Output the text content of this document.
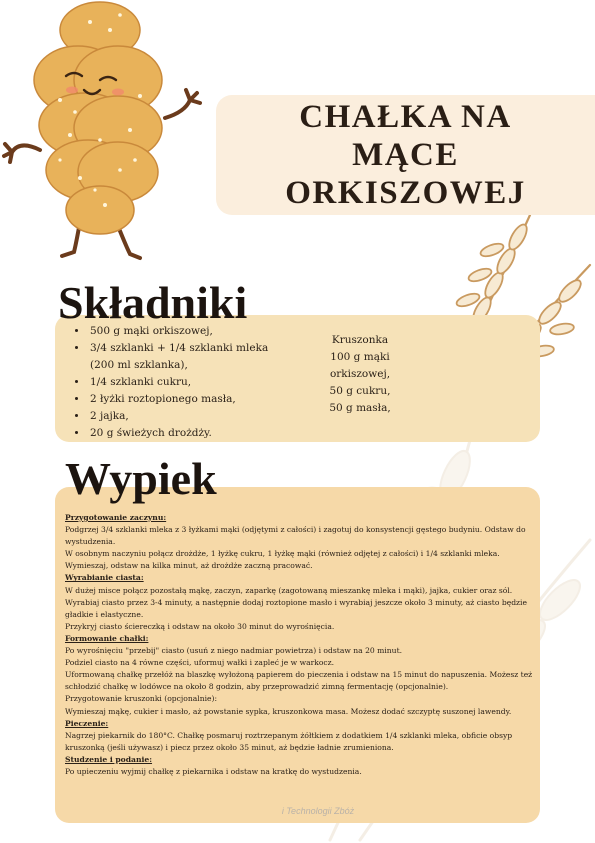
CHAŁKA NA MĄCE ORKISZOWEJ
Składniki
• 500 g mąki orkiszowej,
• 3/4 szklanki + 1/4 szklanki mleka (200 ml szklanka),
• 1/4 szklanki cukru,
• 2 łyżki roztopionego masła,
• 2 jajka,
• 20 g świeżych drożdży.
Kruszonka
100 g mąki orkiszowej,
50 g cukru,
50 g masła,
Wypiek

Przygotowanie zaczynu:

Podgrzej 3/4 szklanki mleka z 3 łyżkami mąki (odjętymi z całości) i zagotuj do konsystencji gęstego budyniu. Odstaw do wystudzenia.

W osobnym naczyniu połącz drożdże, 1 łyżkę cukru, 1 łyżkę mąki (również odjętej z całości) i 1/4 szklanki mleka.

Wymieszaj, odstaw na kilka minut, aż drożdże zaczną pracować.

Wyrabianie ciasta:

W dużej misce połącz pozostałą mąkę, zaczyn, zaparkę (zagotowaną mieszankę mleka i mąki), jajka, cukier oraz sól.

Wyrabiaj ciasto przez 3-4 minuty, a następnie dodaj roztopione masło i wyrabiaj jeszcze około 3 minuty, aż ciasto będzie gładkie i elastyczne.

Przykryj ciasto ściereczką i odstaw na około 30 minut do wyrośnięcia.

Formowanie chałki:

Po wyrośnięciu "przebij" ciasto (usuń z niego nadmiar powietrza) i odstaw na 20 minut.

Podziel ciasto na 4 równe części, uformuj wałki i zapleć je w warkocz.

Uformowaną chałkę przełóż na blaszkę wyłożoną papierem do pieczenia i odstaw na 15 minut do napuszenia. Możesz też schłodzić chałkę w lodówce na około 8 godzin, aby przeprowadzić zimną fermentację (opcjonalnie).

Przygotowanie kruszonki (opcjonalnie):

Wymieszaj mąkę, cukier i masło, aż powstanie sypka, kruszonkowa masa. Możesz dodać szczyptę suszonej lawendy.

Pieczenie:

Nagrzej piekarnik do 180°C. Chałkę posmaruj roztrzepanym żółtkiem z dodatkiem 1/4 szklanki mleka, obficie obsyp kruszonką (jeśli używasz) i piecz przez około 35 minut, aż będzie ładnie zrumieniona.

Studzenie i podanie:

Po upieczeniu wyjmij chałkę z piekarnika i odstaw na kratkę do wystudzenia.

i Technologii Zbóż
